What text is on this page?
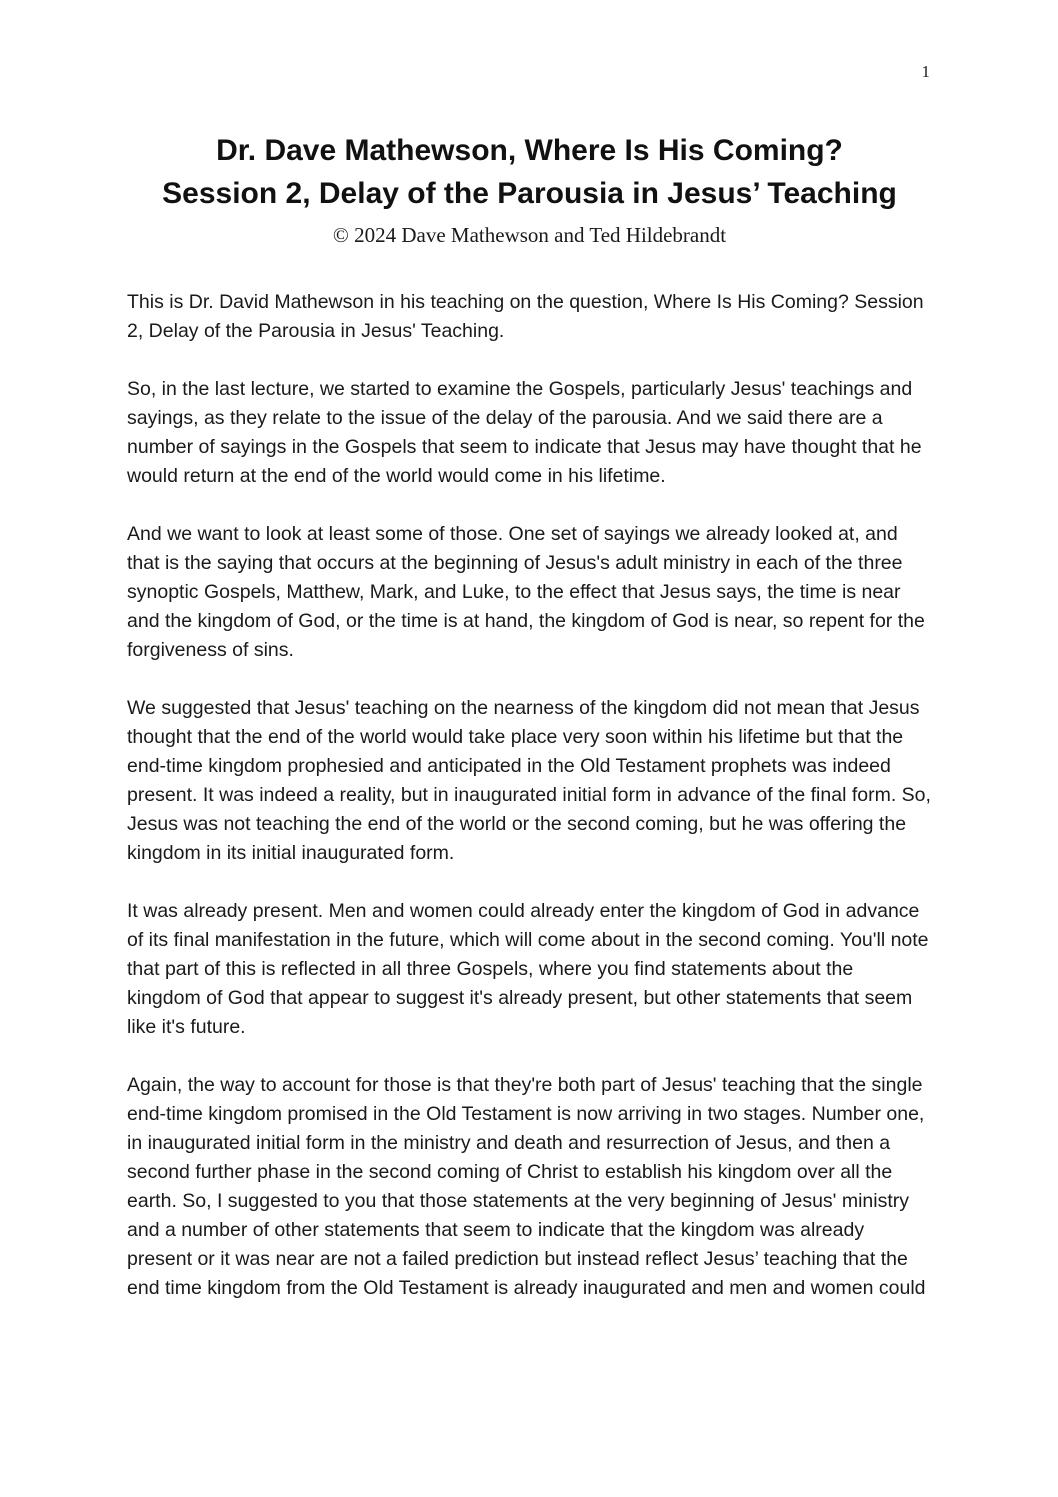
1
Dr. Dave Mathewson, Where Is His Coming?
Session 2, Delay of the Parousia in Jesus’ Teaching
© 2024 Dave Mathewson and Ted Hildebrandt

This is Dr. David Mathewson in his teaching on the question, Where Is His Coming? Session 2, Delay of the Parousia in Jesus' Teaching.

So, in the last lecture, we started to examine the Gospels, particularly Jesus' teachings and sayings, as they relate to the issue of the delay of the parousia. And we said there are a number of sayings in the Gospels that seem to indicate that Jesus may have thought that he would return at the end of the world would come in his lifetime.

And we want to look at least some of those. One set of sayings we already looked at, and that is the saying that occurs at the beginning of Jesus's adult ministry in each of the three synoptic Gospels, Matthew, Mark, and Luke, to the effect that Jesus says, the time is near and the kingdom of God, or the time is at hand, the kingdom of God is near, so repent for the forgiveness of sins.

We suggested that Jesus' teaching on the nearness of the kingdom did not mean that Jesus thought that the end of the world would take place very soon within his lifetime but that the end-time kingdom prophesied and anticipated in the Old Testament prophets was indeed present. It was indeed a reality, but in inaugurated initial form in advance of the final form. So, Jesus was not teaching the end of the world or the second coming, but he was offering the kingdom in its initial inaugurated form.

It was already present. Men and women could already enter the kingdom of God in advance of its final manifestation in the future, which will come about in the second coming. You'll note that part of this is reflected in all three Gospels, where you find statements about the kingdom of God that appear to suggest it's already present, but other statements that seem like it's future.

Again, the way to account for those is that they're both part of Jesus' teaching that the single end-time kingdom promised in the Old Testament is now arriving in two stages. Number one, in inaugurated initial form in the ministry and death and resurrection of Jesus, and then a second further phase in the second coming of Christ to establish his kingdom over all the earth. So, I suggested to you that those statements at the very beginning of Jesus' ministry and a number of other statements that seem to indicate that the kingdom was already present or it was near are not a failed prediction but instead reflect Jesus’ teaching that the end time kingdom from the Old Testament is already inaugurated and men and women could
